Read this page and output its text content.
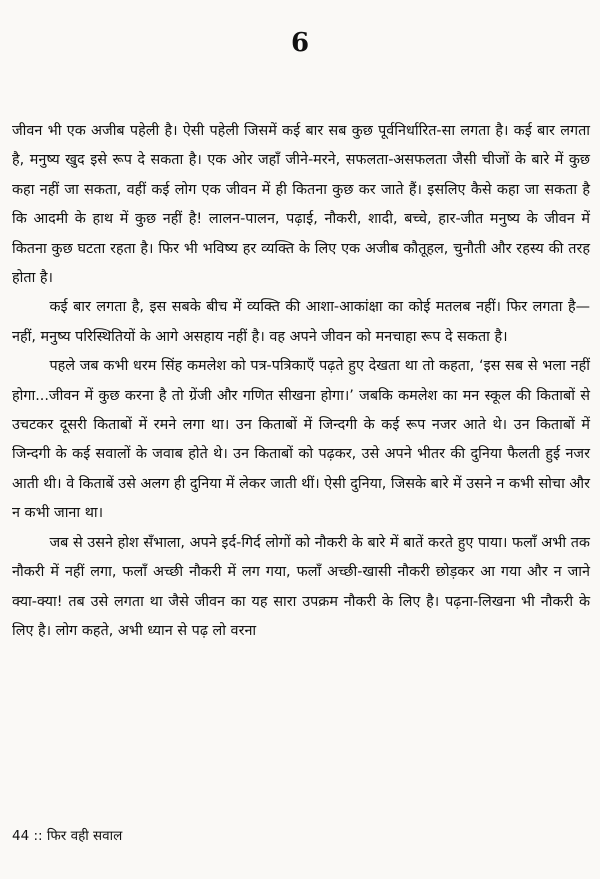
6

जीवन भी एक अजीब पहेली है। ऐसी पहेली जिसमें कई बार सब कुछ पूर्वनिर्धारित-सा लगता है। कई बार लगता है, मनुष्य खुद इसे रूप दे सकता है। एक ओर जहाँ जीने-मरने, सफलता-असफलता जैसी चीजों के बारे में कुछ कहा नहीं जा सकता, वहीं कई लोग एक जीवन में ही कितना कुछ कर जाते हैं। इसलिए कैसे कहा जा सकता है कि आदमी के हाथ में कुछ नहीं है! लालन-पालन, पढ़ाई, नौकरी, शादी, बच्चे, हार-जीत मनुष्य के जीवन में कितना कुछ घटता रहता है। फिर भी भविष्य हर व्यक्ति के लिए एक अजीब कौतूहल, चुनौती और रहस्य की तरह होता है।

कई बार लगता है, इस सबके बीच में व्यक्ति की आशा-आकांक्षा का कोई मतलब नहीं। फिर लगता है— नहीं, मनुष्य परिस्थितियों के आगे असहाय नहीं है। वह अपने जीवन को मनचाहा रूप दे सकता है।

पहले जब कभी धरम सिंह कमलेश को पत्र-पत्रिकाएँ पढ़ते हुए देखता था तो कहता, ‘इस सब से भला नहीं होगा...जीवन में कुछ करना है तो ग्रेंजी और गणित सीखना होगा।’ जबकि कमलेश का मन स्कूल की किताबों से उचटकर दूसरी किताबों में रमने लगा था। उन किताबों में जिन्दगी के कई रूप नजर आते थे। उन किताबों में जिन्दगी के कई सवालों के जवाब होते थे। उन किताबों को पढ़कर, उसे अपने भीतर की दुनिया फैलती हुई नजर आती थी। वे किताबें उसे अलग ही दुनिया में लेकर जाती थीं। ऐसी दुनिया, जिसके बारे में उसने न कभी सोचा और न कभी जाना था।

जब से उसने होश सँभाला, अपने इर्द-गिर्द लोगों को नौकरी के बारे में बातें करते हुए पाया। फलाँ अभी तक नौकरी में नहीं लगा, फलाँ अच्छी नौकरी में लग गया, फलाँ अच्छी-खासी नौकरी छोड़कर आ गया और न जाने क्या-क्या! तब उसे लगता था जैसे जीवन का यह सारा उपक्रम नौकरी के लिए है। पढ़ना-लिखना भी नौकरी के लिए है। लोग कहते, अभी ध्यान से पढ़ लो वरना

44 :: फिर वही सवाल
